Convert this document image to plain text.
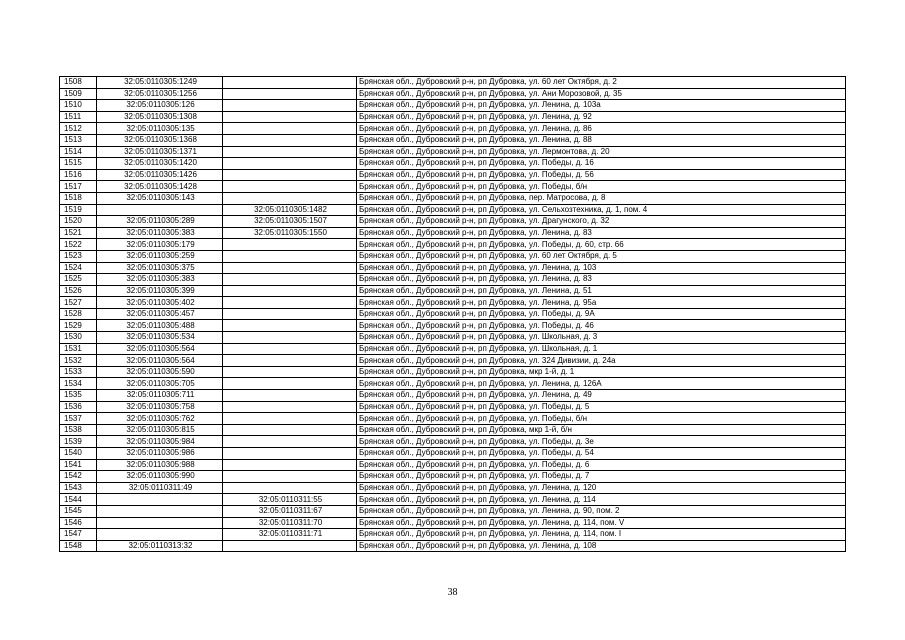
1508	32:05:0110305:1249		Брянская обл., Дубровский р-н, рп Дубровка, ул. 60 лет Октября, д. 2
1509	32:05:0110305:1256		Брянская обл., Дубровский р-н, рп Дубровка, ул. Ани Морозовой, д. 35
1510	32:05:0110305:126		Брянская обл., Дубровский р-н, рп Дубровка, ул. Ленина, д. 103а
1511	32:05:0110305:1308		Брянская обл., Дубровский р-н, рп Дубровка, ул. Ленина, д. 92
1512	32:05:0110305:135		Брянская обл., Дубровский р-н, рп Дубровка, ул. Ленина, д. 86
1513	32:05:0110305:1368		Брянская обл., Дубровский р-н, рп Дубровка, ул. Ленина, д. 88
1514	32:05:0110305:1371		Брянская обл., Дубровский р-н, рп Дубровка, ул. Лермонтова, д. 20
1515	32:05:0110305:1420		Брянская обл., Дубровский р-н, рп Дубровка, ул. Победы, д. 16
1516	32:05:0110305:1426		Брянская обл., Дубровский р-н, рп Дубровка, ул. Победы, д. 56
1517	32:05:0110305:1428		Брянская обл., Дубровский р-н, рп Дубровка, ул. Победы, б/н
1518	32:05:0110305:143		Брянская обл., Дубровский р-н, рп Дубровка, пер. Матросова, д. 8
1519		32:05:0110305:1482	Брянская обл., Дубровский р-н, рп Дубровка, ул. Сельхозтехника, д. 1, пом. 4
1520	32:05:0110305:289	32:05:0110305:1507	Брянская обл., Дубровский р-н, рп Дубровка, ул. Драгунского, д. 32
1521	32:05:0110305:383	32:05:0110305:1550	Брянская обл., Дубровский р-н, рп Дубровка, ул. Ленина, д. 83
1522	32:05:0110305:179		Брянская обл., Дубровский р-н, рп Дубровка, ул. Победы, д. 60, стр. 66
1523	32:05:0110305:259		Брянская обл., Дубровский р-н, рп Дубровка, ул. 60 лет Октября, д. 5
1524	32:05:0110305:375		Брянская обл., Дубровский р-н, рп Дубровка, ул. Ленина, д. 103
1525	32:05:0110305:383		Брянская обл., Дубровский р-н, рп Дубровка, ул. Ленина, д. 83
1526	32:05:0110305:399		Брянская обл., Дубровский р-н, рп Дубровка, ул. Ленина, д. 51
1527	32:05:0110305:402		Брянская обл., Дубровский р-н, рп Дубровка, ул. Ленина, д. 95а
1528	32:05:0110305:457		Брянская обл., Дубровский р-н, рп Дубровка, ул. Победы, д. 9А
1529	32:05:0110305:488		Брянская обл., Дубровский р-н, рп Дубровка, ул. Победы, д. 46
1530	32:05:0110305:534		Брянская обл., Дубровский р-н, рп Дубровка, ул. Школьная, д. 3
1531	32:05:0110305:564		Брянская обл., Дубровский р-н, рп Дубровка, ул. Школьная, д. 1
1532	32:05:0110305:564		Брянская обл., Дубровский р-н, рп Дубровка, ул. 324 Дивизии, д. 24а
1533	32:05:0110305:590		Брянская обл., Дубровский р-н, рп Дубровка, мкр 1-й, д. 1
1534	32:05:0110305:705		Брянская обл., Дубровский р-н, рп Дубровка, ул. Ленина, д. 126А
1535	32:05:0110305:711		Брянская обл., Дубровский р-н, рп Дубровка, ул. Ленина, д. 49
1536	32:05:0110305:758		Брянская обл., Дубровский р-н, рп Дубровка, ул. Победы, д. 5
1537	32:05:0110305:762		Брянская обл., Дубровский р-н, рп Дубровка, ул. Победы, б/н
1538	32:05:0110305:815		Брянская обл., Дубровский р-н, рп Дубровка, мкр 1-й, б/н
1539	32:05:0110305:984		Брянская обл., Дубровский р-н, рп Дубровка, ул. Победы, д. 3е
1540	32:05:0110305:986		Брянская обл., Дубровский р-н, рп Дубровка, ул. Победы, д. 54
1541	32:05:0110305:988		Брянская обл., Дубровский р-н, рп Дубровка, ул. Победы, д. 6
1542	32:05:0110305:990		Брянская обл., Дубровский р-н, рп Дубровка, ул. Победы, д. 7
1543	32:05:0110311:49		Брянская обл., Дубровский р-н, рп Дубровка, ул. Ленина, д. 120
1544		32:05:0110311:55	Брянская обл., Дубровский р-н, рп Дубровка, ул. Ленина, д. 114
1545		32:05:0110311:67	Брянская обл., Дубровский р-н, рп Дубровка, ул. Ленина, д. 90, пом. 2
1546		32:05:0110311:70	Брянская обл., Дубровский р-н, рп Дубровка, ул. Ленина, д. 114, пом. V
1547		32:05:0110311:71	Брянская обл., Дубровский р-н, рп Дубровка, ул. Ленина, д. 114, пом. I
1548	32:05:0110313:32		Брянская обл., Дубровский р-н, рп Дубровка, ул. Ленина, д. 108
38
